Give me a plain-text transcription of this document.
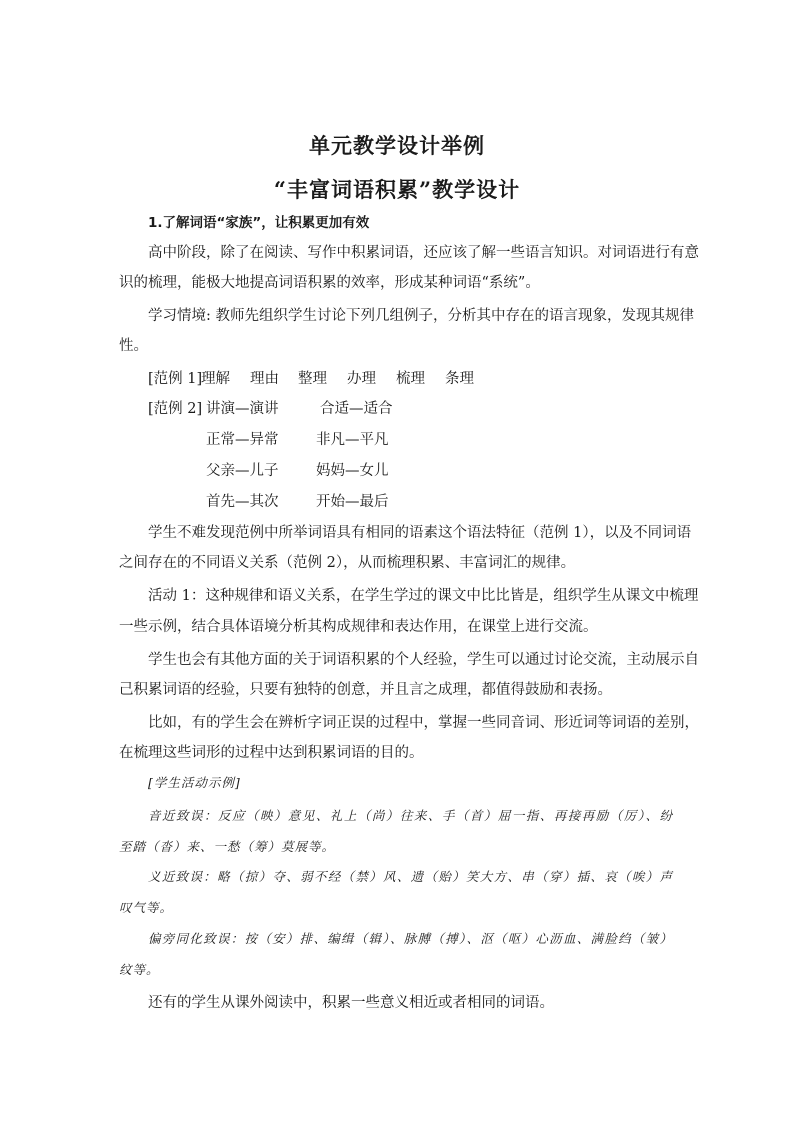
单元教学设计举例
“丰富词语积累”教学设计
1.了解词语“家族”，让积累更加有效
高中阶段，除了在阅读、写作中积累词语，还应该了解一些语言知识。对词语进行有意
识的梳理，能极大地提高词语积累的效率，形成某种词语“系统”。
学习情境: 教师先组织学生讨论下列几组例子，分析其中存在的语言现象，发现其规律
性。
[范例 1]
理解 理由 整理 办理 梳理 条理
[范例 2] 讲演—演讲	合适—适合
正常—异常	非凡—平凡
父亲—儿子	妈妈—女儿
首先—其次	开始—最后
学生不难发现范例中所举词语具有相同的语素这个语法特征（范例 1），以及不同词语
之间存在的不同语义关系（范例 2），从而梳理积累、丰富词汇的规律。
活动 1：这种规律和语义关系，在学生学过的课文中比比皆是，组织学生从课文中梳理
一些示例，结合具体语境分析其构成规律和表达作用，在课堂上进行交流。
学生也会有其他方面的关于词语积累的个人经验，学生可以通过讨论交流，主动展示自
己积累词语的经验，只要有独特的创意，并且言之成理，都值得鼓励和表扬。
比如，有的学生会在辨析字词正误的过程中，掌握一些同音词、形近词等词语的差别，
在梳理这些词形的过程中达到积累词语的目的。
[学生活动示例]
音近致误：反应（映）意见、礼上（尚）往来、手（首）屈一指、再接再励（厉）、纷
至踏（沓）来、一愁（筹）莫展等。
义近致误：略（掠）夺、弱不经（禁）风、遗（贻）笑大方、串（穿）插、哀（唉）声
叹气等。
偏旁同化致误：按（安）排、编缉（辑）、脉膊（搏）、沤（呕）心沥血、满脸绉（皱）
纹等。
还有的学生从课外阅读中，积累一些意义相近或者相同的词语。
